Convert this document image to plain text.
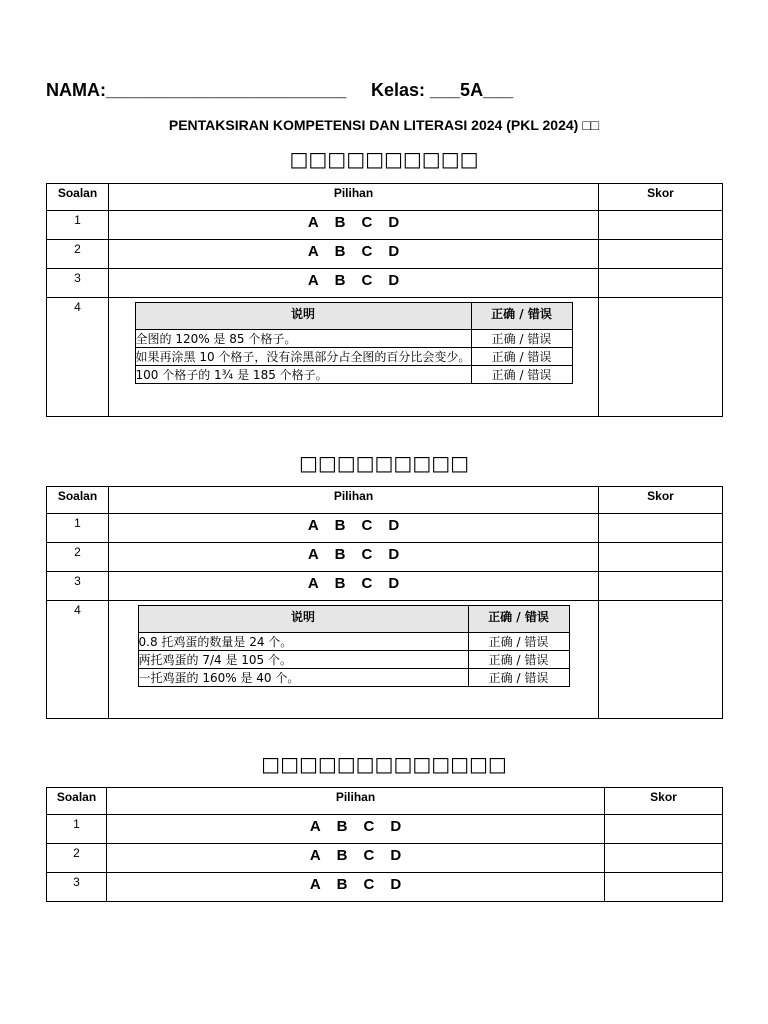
NAMA:________________________ Kelas: ___5A___
PENTAKSIRAN KOMPETENSI DAN LITERASI 2024 (PKL 2024) □□
□□□□□□□□□□
Soalan	Pilihan	Skor
1	A B C D	
2	A B C D	
3	A B C D	
4		说明	正确 / 错误
全图的 120% 是 85 个格子。	正确 / 错误
如果再涂黑 10 个格子，没有涂黑部分占全图的百分比会变少。	正确 / 错误
100 个格子的 1¾ 是 185 个格子。	正确 / 错误

□□□□□□□□□
Soalan	Pilihan	Skor
1	A B C D	
2	A B C D	
3	A B C D	
4		说明	正确 / 错误
0.8 托鸡蛋的数量是 24 个。	正确 / 错误
两托鸡蛋的 7/4 是 105 个。	正确 / 错误
一托鸡蛋的 160% 是 40 个。	正确 / 错误

□□□□□□□□□□□□□
Soalan	Pilihan	Skor
1	A B C D	
2	A B C D	
3	A B C D	
